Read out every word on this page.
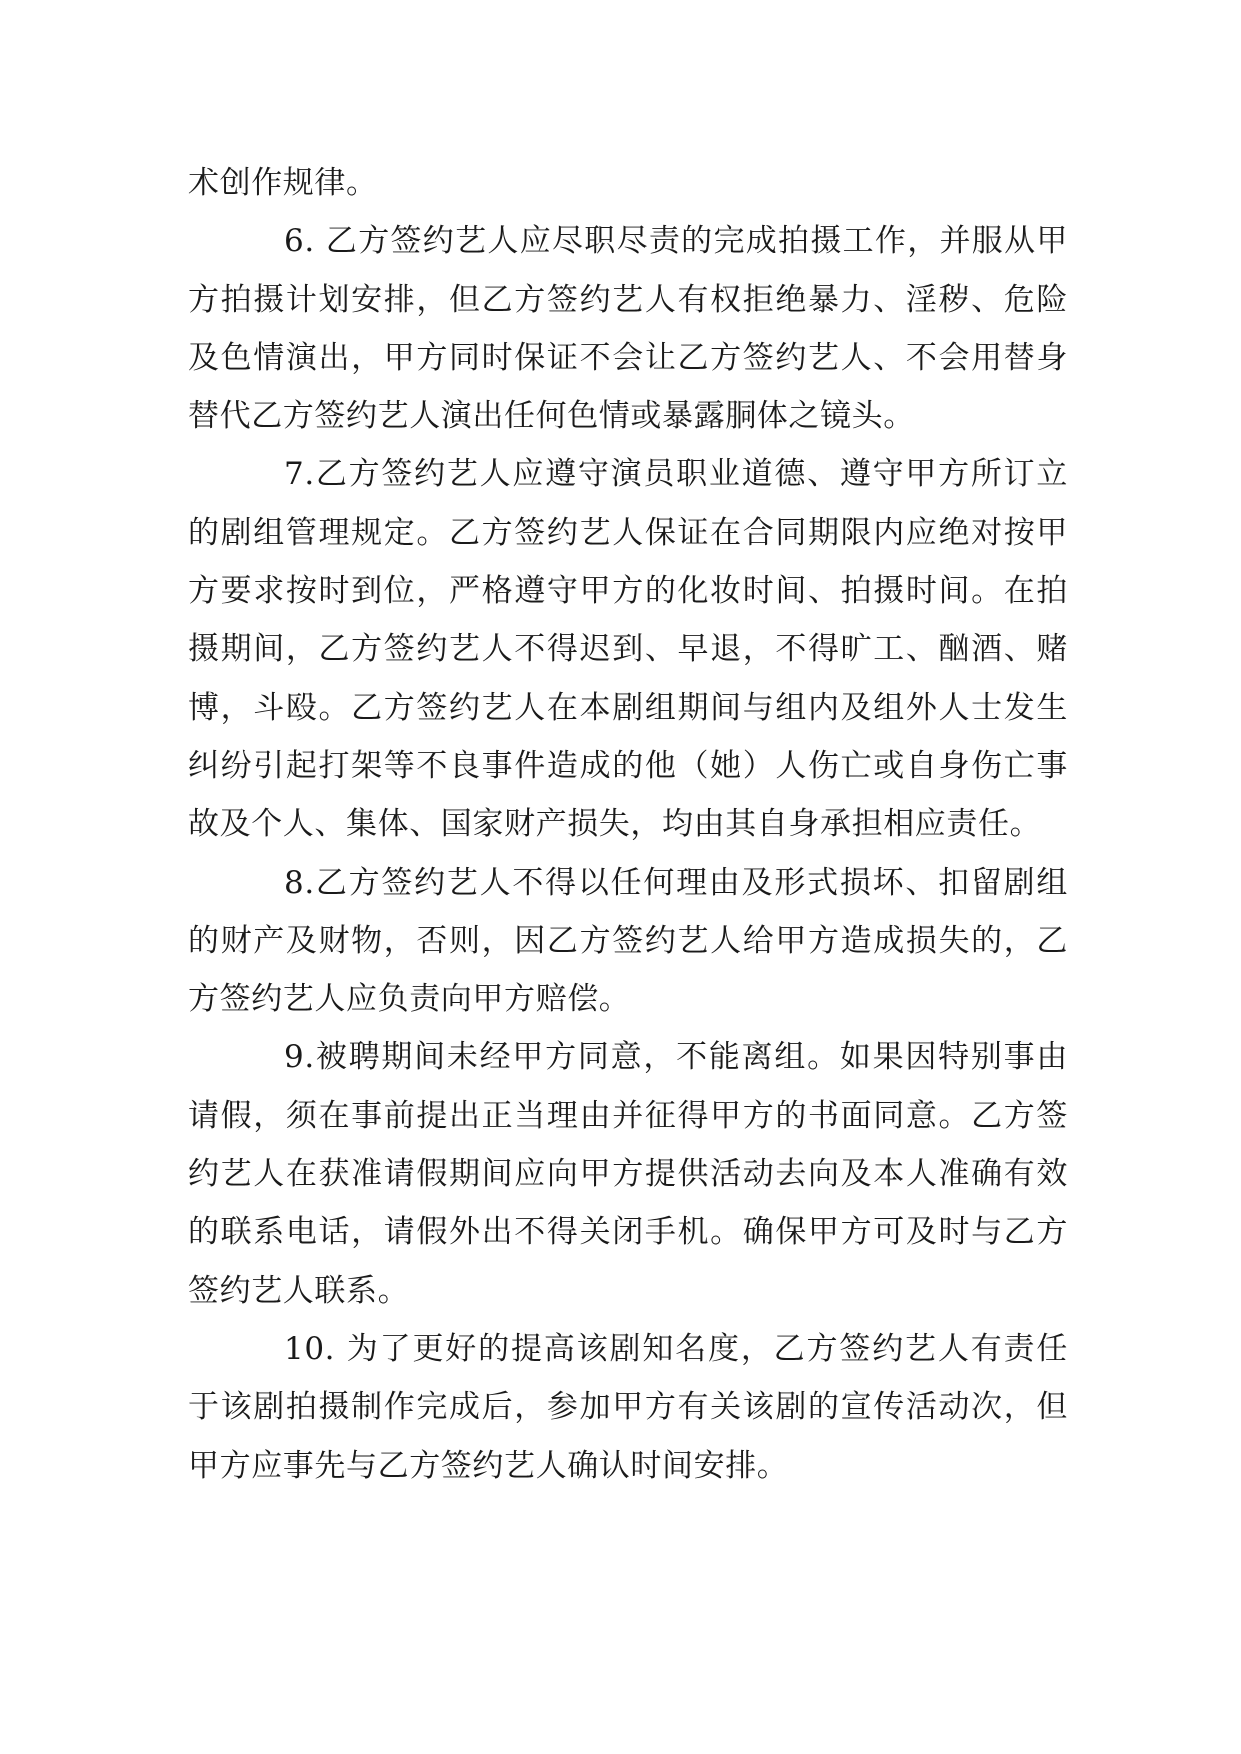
术创作规律。

6. 乙方签约艺人应尽职尽责的完成拍摄工作，并服从甲方拍摄计划安排，但乙方签约艺人有权拒绝暴力、淫秽、危险及色情演出，甲方同时保证不会让乙方签约艺人、不会用替身替代乙方签约艺人演出任何色情或暴露胴体之镜头。

7.乙方签约艺人应遵守演员职业道德、遵守甲方所订立的剧组管理规定。乙方签约艺人保证在合同期限内应绝对按甲方要求按时到位，严格遵守甲方的化妆时间、拍摄时间。在拍摄期间，乙方签约艺人不得迟到、早退，不得旷工、酗酒、赌博，斗殴。乙方签约艺人在本剧组期间与组内及组外人士发生纠纷引起打架等不良事件造成的他（她）人伤亡或自身伤亡事故及个人、集体、国家财产损失，均由其自身承担相应责任。

8.乙方签约艺人不得以任何理由及形式损坏、扣留剧组的财产及财物，否则，因乙方签约艺人给甲方造成损失的，乙方签约艺人应负责向甲方赔偿。

9.被聘期间未经甲方同意，不能离组。如果因特别事由请假，须在事前提出正当理由并征得甲方的书面同意。乙方签约艺人在获准请假期间应向甲方提供活动去向及本人准确有效的联系电话，请假外出不得关闭手机。确保甲方可及时与乙方签约艺人联系。

10. 为了更好的提高该剧知名度，乙方签约艺人有责任于该剧拍摄制作完成后，参加甲方有关该剧的宣传活动次，但甲方应事先与乙方签约艺人确认时间安排。
